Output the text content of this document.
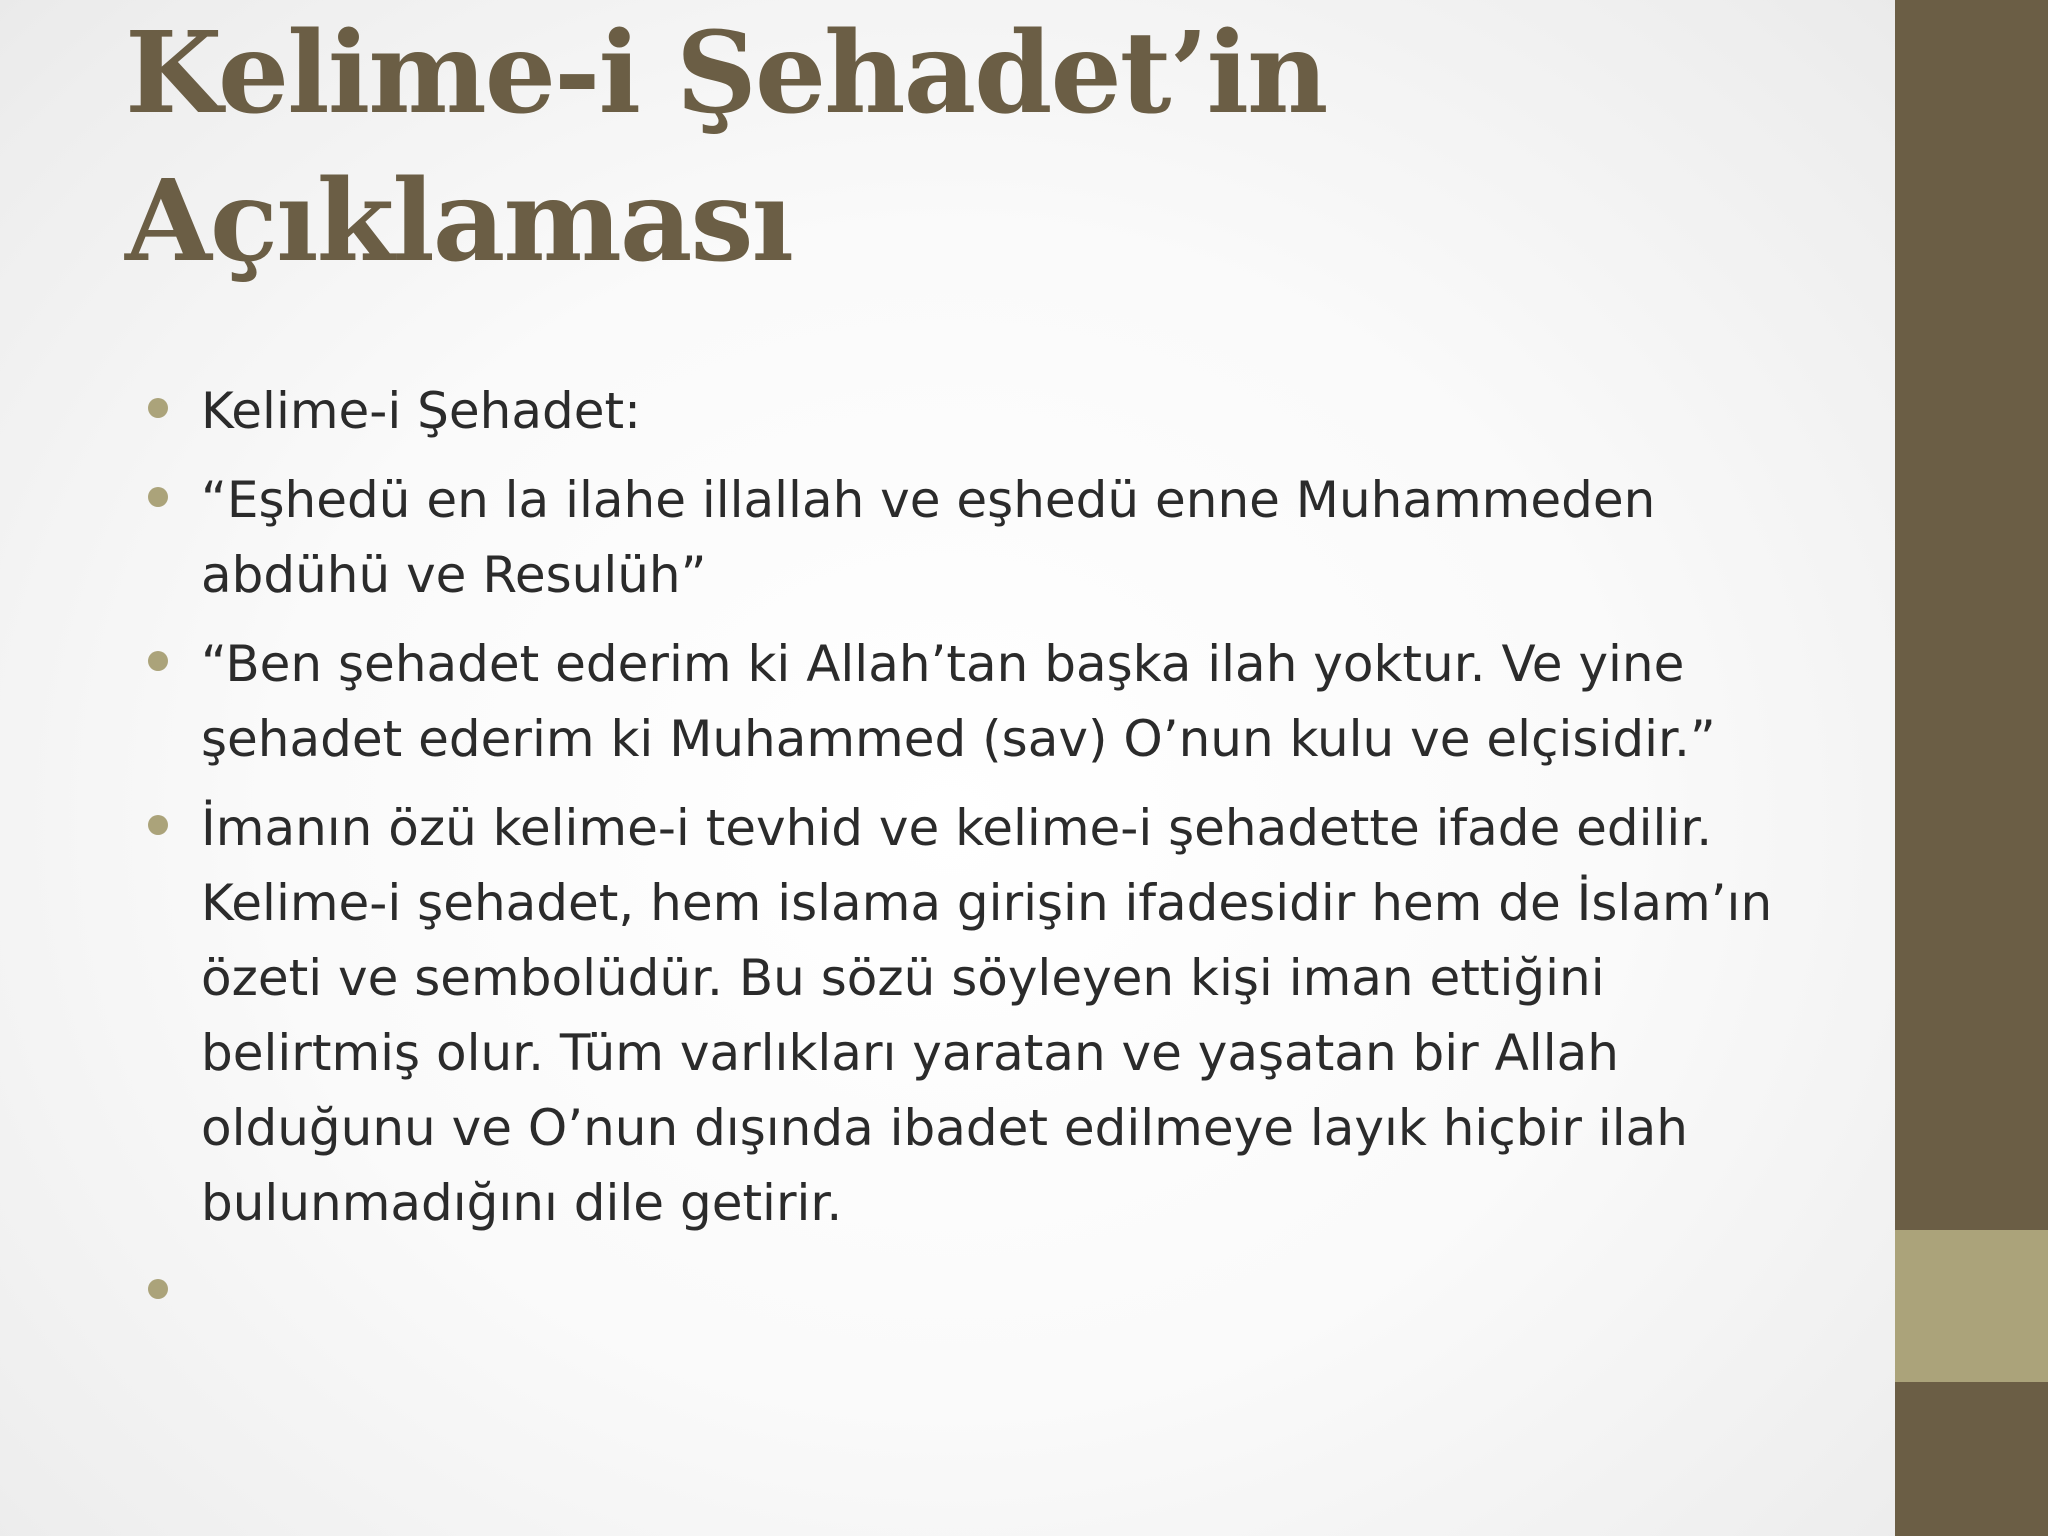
Kelime-i Şehadet’in
Açıklaması
Kelime-i Şehadet:
“Eşhedü en la ilahe illallah ve eşhedü enne Muhammeden
abdühü ve Resulüh”
“Ben şehadet ederim ki Allah’tan başka ilah yoktur. Ve yine
şehadet ederim ki Muhammed (sav) O’nun kulu ve elçisidir.”
İmanın özü kelime-i tevhid ve kelime-i şehadette ifade edilir.
Kelime-i şehadet, hem islama girişin ifadesidir hem de İslam’ın
özeti ve sembolüdür. Bu sözü söyleyen kişi iman ettiğini
belirtmiş olur. Tüm varlıkları yaratan ve yaşatan bir Allah
olduğunu ve O’nun dışında ibadet edilmeye layık hiçbir ilah
bulunmadığını dile getirir.
